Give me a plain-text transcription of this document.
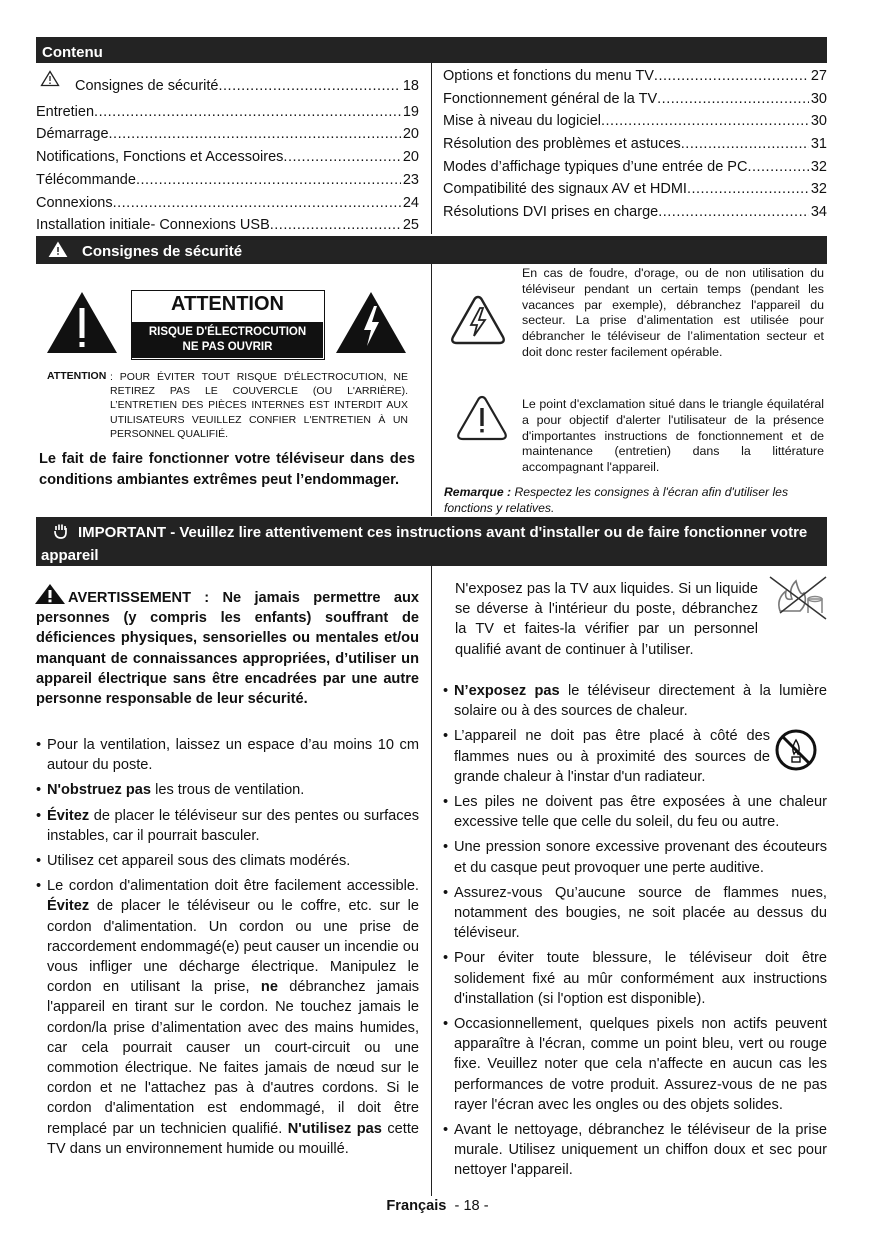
Contenu
Consignes de sécurité .....	18
Entretien .....	19
Démarrage .....	20
Notifications, Fonctions et Accessoires .....	20
Télécommande .....	23
Connexions .....	24
Installation initiale- Connexions USB .....	25
Options et fonctions du menu TV .....	27
Fonctionnement général de la TV .....	30
Mise à niveau du logiciel .....	30
Résolution des problèmes et astuces .....	31
Modes d’affichage typiques d’une entrée de PC .....	32
Compatibilité des signaux AV et HDMI .....	32
Résolutions DVI prises en charge .....	34
Consignes de sécurité
ATTENTION
RISQUE D'ÉLECTROCUTION
NE PAS OUVRIR
ATTENTION : POUR ÉVITER TOUT RISQUE D’ÉLECTROCUTION, NE RETIREZ PAS LE COUVERCLE (OU L'ARRIÈRE). L’ENTRETIEN DES PIÈCES INTERNES EST INTERDIT AUX UTILISATEURS VEUILLEZ CONFIER L'ENTRETIEN À UN PERSONNEL QUALIFIÉ.
Le fait de faire fonctionner votre téléviseur dans des conditions ambiantes extrêmes peut l’endommager.
En cas de foudre, d'orage, ou de non utilisation du téléviseur pendant un certain temps (pendant les vacances par exemple), débranchez l'appareil du secteur. La prise d’alimentation est utilisée pour débrancher le téléviseur de l’alimentation secteur et doit donc rester facilement opérable.
Le point d'exclamation situé dans le triangle équilatéral a pour objectif d'alerter l'utilisateur de la présence d'importantes instructions de fonctionnement et de maintenance (entretien) dans la littérature accompagnant l'appareil.
Remarque : Respectez les consignes à l'écran afin d'utiliser les fonctions y relatives.
IMPORTANT - Veuillez lire attentivement ces instructions avant d'installer ou de faire fonctionner votre appareil
AVERTISSEMENT : Ne jamais permettre aux personnes (y compris les enfants) souffrant de déficiences physiques, sensorielles ou mentales et/ou manquant de connaissances appropriées, d’utiliser un appareil électrique sans être encadrées par une autre personne responsable de leur sécurité.
• Pour la ventilation, laissez un espace d’au moins 10 cm autour du poste.
• N'obstruez pas les trous de ventilation.
• Évitez de placer le téléviseur sur des pentes ou surfaces instables, car il pourrait basculer.
• Utilisez cet appareil sous des climats modérés.
• Le cordon d'alimentation doit être facilement accessible. Évitez de placer le téléviseur ou le coffre, etc. sur le cordon d'alimentation. Un cordon ou une prise de raccordement endommagé(e) peut causer un incendie ou vous infliger une décharge électrique. Manipulez le cordon en utilisant la prise, ne débranchez jamais l'appareil en tirant sur le cordon. Ne touchez jamais le cordon/la prise d’alimentation avec des mains humides, car cela pourrait causer un court-circuit ou une commotion électrique. Ne faites jamais de nœud sur le cordon et ne l'attachez pas à d'autres cordons. Si le cordon d'alimentation est endommagé, il doit être remplacé par un technicien qualifié. N'utilisez pas cette TV dans un environnement humide ou mouillé.
N'exposez pas la TV aux liquides. Si un liquide se déverse à l'intérieur du poste, débranchez la TV et faites-la vérifier par un personnel qualifié avant de continuer à l’utiliser.
• N’exposez pas le téléviseur directement à la lumière solaire ou à des sources de chaleur.
• L’appareil ne doit pas être placé à côté des flammes nues ou à proximité des sources de grande chaleur à l'instar d'un radiateur.
• Les piles ne doivent pas être exposées à une chaleur excessive telle que celle du soleil, du feu ou autre.
• Une pression sonore excessive provenant des écouteurs et du casque peut provoquer une perte auditive.
• Assurez-vous Qu’aucune source de flammes nues, notamment des bougies, ne soit placée au dessus du téléviseur.
• Pour éviter toute blessure, le téléviseur doit être solidement fixé au mûr conformément aux instructions d'installation (si l'option est disponible).
• Occasionnellement, quelques pixels non actifs peuvent apparaître à l'écran, comme un point bleu, vert ou rouge fixe. Veuillez noter que cela n'affecte en aucun cas les performances de votre produit. Assurez-vous de ne pas rayer l'écran avec les ongles ou des objets solides.
• Avant le nettoyage, débranchez le téléviseur de la prise murale. Utilisez uniquement un chiffon doux et sec pour nettoyer l'appareil.
Français - 18 -
